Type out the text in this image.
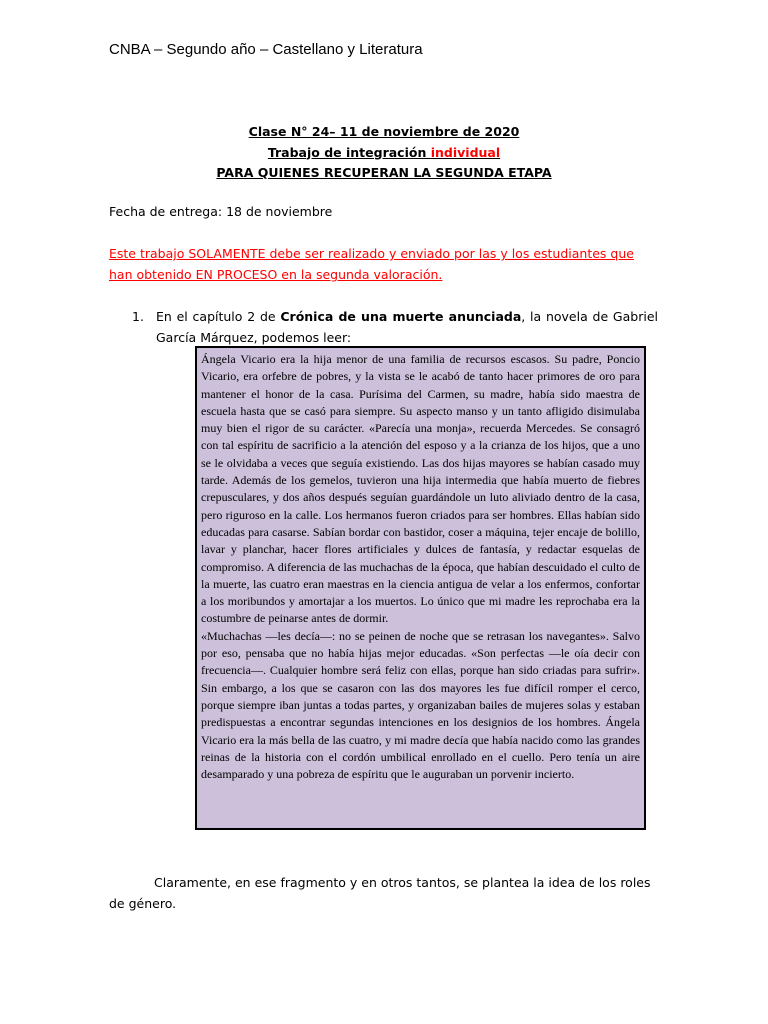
CNBA – Segundo año – Castellano y Literatura
Clase N° 24– 11 de noviembre de 2020
Trabajo de integración individual
PARA QUIENES RECUPERAN LA SEGUNDA ETAPA
Fecha de entrega: 18 de noviembre
Este trabajo SOLAMENTE debe ser realizado y enviado por las y los estudiantes que han obtenido EN PROCESO en la segunda valoración.
1. En el capítulo 2 de Crónica de una muerte anunciada, la novela de Gabriel García Márquez, podemos leer:

Ángela Vicario era la hija menor de una familia de recursos escasos. Su padre, Poncio Vicario, era orfebre de pobres, y la vista se le acabó de tanto hacer primores de oro para mantener el honor de la casa. Purísima del Carmen, su madre, había sido maestra de escuela hasta que se casó para siempre. Su aspecto manso y un tanto afligido disimulaba muy bien el rigor de su carácter. «Parecía una monja», recuerda Mercedes. Se consagró con tal espíritu de sacrificio a la atención del esposo y a la crianza de los hijos, que a uno se le olvidaba a veces que seguía existiendo. Las dos hijas mayores se habían casado muy tarde. Además de los gemelos, tuvieron una hija intermedia que había muerto de fiebres crepusculares, y dos años después seguían guardándole un luto aliviado dentro de la casa, pero riguroso en la calle. Los hermanos fueron criados para ser hombres. Ellas habían sido educadas para casarse. Sabían bordar con bastidor, coser a máquina, tejer encaje de bolillo, lavar y planchar, hacer flores artificiales y dulces de fantasía, y redactar esquelas de compromiso. A diferencia de las muchachas de la época, que habían descuidado el culto de la muerte, las cuatro eran maestras en la ciencia antigua de velar a los enfermos, confortar a los moribundos y amortajar a los muertos. Lo único que mi madre les reprochaba era la costumbre de peinarse antes de dormir.

«Muchachas —les decía—: no se peinen de noche que se retrasan los navegantes». Salvo por eso, pensaba que no había hijas mejor educadas. «Son perfectas —le oía decir con frecuencia—. Cualquier hombre será feliz con ellas, porque han sido criadas para sufrir». Sin embargo, a los que se casaron con las dos mayores les fue difícil romper el cerco, porque siempre iban juntas a todas partes, y organizaban bailes de mujeres solas y estaban predispuestas a encontrar segundas intenciones en los designios de los hombres. Ángela Vicario era la más bella de las cuatro, y mi madre decía que había nacido como las grandes reinas de la historia con el cordón umbilical enrollado en el cuello. Pero tenía un aire desamparado y una pobreza de espíritu que le auguraban un porvenir incierto.

Claramente, en ese fragmento y en otros tantos, se plantea la idea de los roles de género.
